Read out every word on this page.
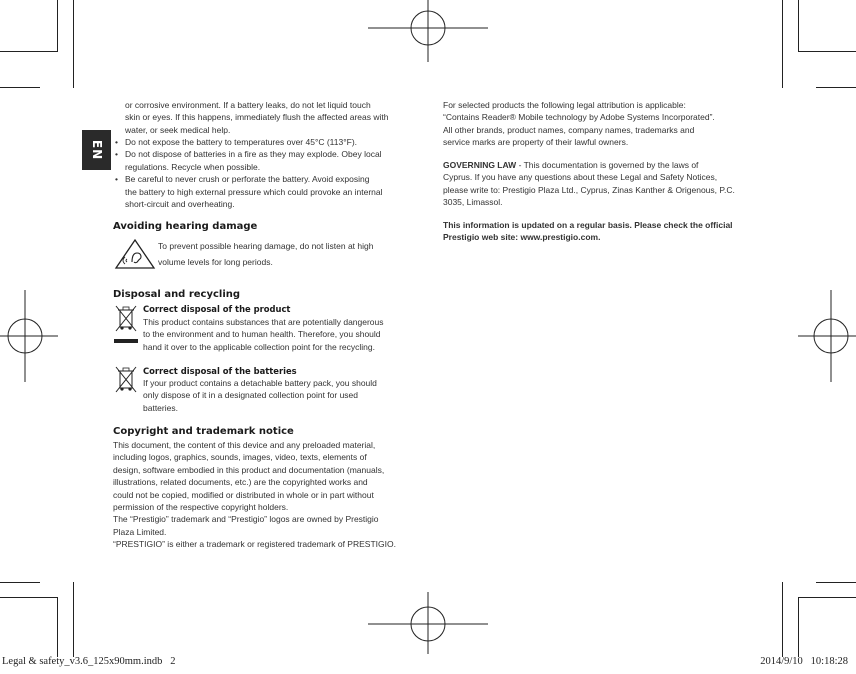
EN
or corrosive environment. If a battery leaks, do not let liquid touch
skin or eyes. If this happens, immediately flush the affected areas with
water, or seek medical help.
• Do not expose the battery to temperatures over 45°C (113°F).
• Do not dispose of batteries in a fire as they may explode. Obey local
regulations. Recycle when possible.
• Be careful to never crush or perforate the battery. Avoid exposing
the battery to high external pressure which could provoke an internal
short-circuit and overheating.
Avoiding hearing damage
To prevent possible hearing damage, do not listen at high
volume levels for long periods.
Disposal and recycling
Correct disposal of the product
This product contains substances that are potentially dangerous
to the environment and to human health. Therefore, you should
hand it over to the applicable collection point for the recycling.
Correct disposal of the batteries
If your product contains a detachable battery pack, you should
only dispose of it in a designated collection point for used
batteries.
Copyright and trademark notice
This document, the content of this device and any preloaded material,
including logos, graphics, sounds, images, video, texts, elements of
design, software embodied in this product and documentation (manuals,
illustrations, related documents, etc.) are the copyrighted works and
could not be copied, modified or distributed in whole or in part without
permission of the respective copyright holders.
The “Prestigio” trademark and “Prestigio” logos are owned by Prestigio
Plaza Limited.
“PRESTIGIO” is either a trademark or registered trademark of PRESTIGIO.
For selected products the following legal attribution is applicable:
“Contains Reader® Mobile technology by Adobe Systems Incorporated”.
All other brands, product names, company names, trademarks and
service marks are property of their lawful owners.
GOVERNING LAW - This documentation is governed by the laws of
Cyprus. If you have any questions about these Legal and Safety Notices,
please write to: Prestigio Plaza Ltd., Cyprus, Zinas Kanther & Origenous, P.C.
3035, Limassol.
This information is updated on a regular basis. Please check the official
Prestigio web site: www.prestigio.com.
Legal & safety_v3.6_125x90mm.indb   2	2014/9/10   10:18:28
